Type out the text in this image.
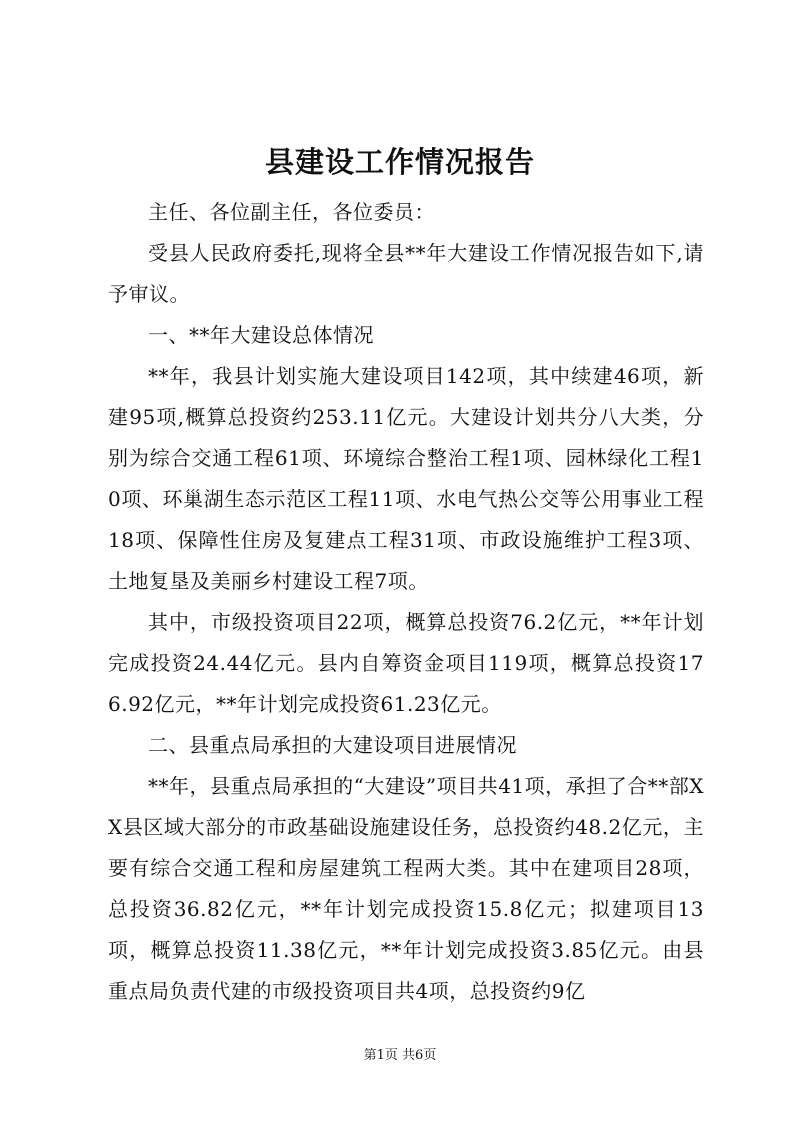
县建设工作情况报告

主任、各位副主任，各位委员：

受县人民政府委托,现将全县**年大建设工作情况报告如下,请予审议。

一、**年大建设总体情况

**年，我县计划实施大建设项目142项，其中续建46项，新建95项,概算总投资约253.11亿元。大建设计划共分八大类，分别为综合交通工程61项、环境综合整治工程1项、园林绿化工程10项、环巢湖生态示范区工程11项、水电气热公交等公用事业工程18项、保障性住房及复建点工程31项、市政设施维护工程3项、土地复垦及美丽乡村建设工程7项。

其中，市级投资项目22项，概算总投资76.2亿元，**年计划完成投资24.44亿元。县内自筹资金项目119项，概算总投资176.92亿元，**年计划完成投资61.23亿元。

二、县重点局承担的大建设项目进展情况

**年，县重点局承担的“大建设”项目共41项，承担了合**部XX县区域大部分的市政基础设施建设任务，总投资约48.2亿元，主要有综合交通工程和房屋建筑工程两大类。其中在建项目28项，总投资36.82亿元，**年计划完成投资15.8亿元；拟建项目13项，概算总投资11.38亿元，**年计划完成投资3.85亿元。由县重点局负责代建的市级投资项目共4项，总投资约9亿

第1页 共6页
